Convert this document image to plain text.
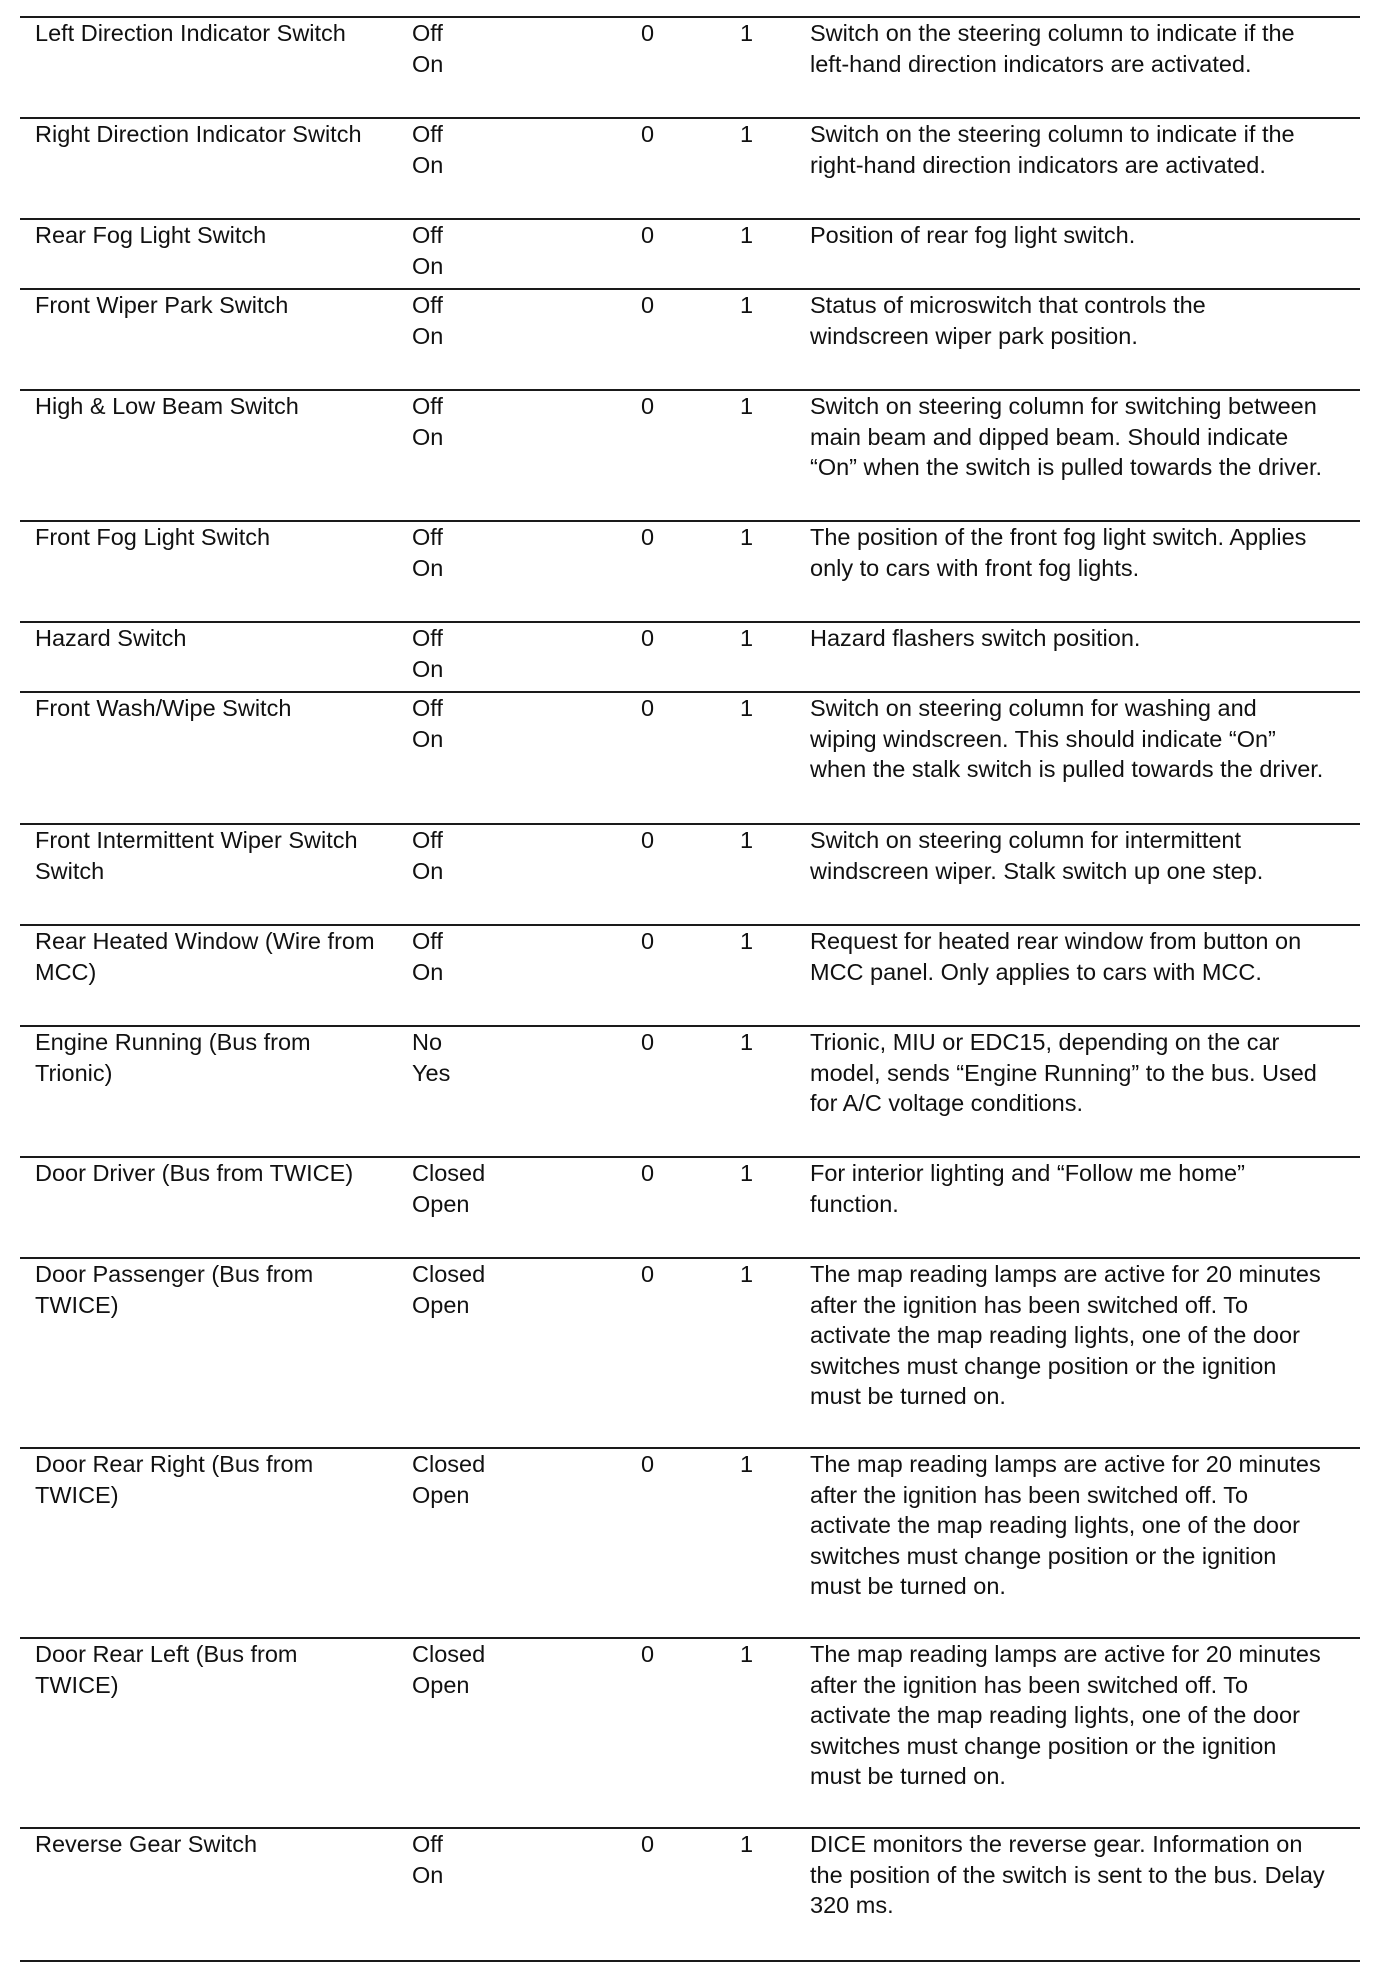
Left Direction Indicator Switch	Off
On
0	1 Switch on the steering column to indicate if the
left-hand direction indicators are activated.
Right Direction Indicator Switch Off
On
0	1 Switch on the steering column to indicate if the
right-hand direction indicators are activated.
Rear Fog Light Switch	Off
On
0	1 Position of rear fog light switch.
Front Wiper Park Switch	Off
On
0	1 Status of microswitch that controls the
windscreen wiper park position.
High & Low Beam Switch	Off
On
0	1 Switch on steering column for switching between
main beam and dipped beam. Should indicate
“On” when the switch is pulled towards the driver.
Front Fog Light Switch	Off
On
0	1 The position of the front fog light switch. Applies
only to cars with front fog lights.
Hazard Switch	Off
On
0	1 Hazard flashers switch position.
Front Wash/Wipe Switch	Off
On
0	1 Switch on steering column for washing and
wiping windscreen. This should indicate “On”
when the stalk switch is pulled towards the driver.
Front Intermittent Wiper Switch
Switch
Off
On
0	1 Switch on steering column for intermittent
windscreen wiper. Stalk switch up one step.
Rear Heated Window (Wire from
MCC)
Off
On
0	1 Request for heated rear window from button on
MCC panel. Only applies to cars with MCC.
Engine Running (Bus from
Trionic)
No
Yes
0	1 Trionic, MIU or EDC15, depending on the car
model, sends “Engine Running” to the bus. Used
for A/C voltage conditions.
Door Driver (Bus from TWICE)	Closed
Open
0	1 For interior lighting and “Follow me home”
function.
Door Passenger (Bus from
TWICE)
Closed
Open
0	1 The map reading lamps are active for 20 minutes
after the ignition has been switched off. To
activate the map reading lights, one of the door
switches must change position or the ignition
must be turned on.
Door Rear Right (Bus from
TWICE)
Closed
Open
0	1 The map reading lamps are active for 20 minutes
after the ignition has been switched off. To
activate the map reading lights, one of the door
switches must change position or the ignition
must be turned on.
Door Rear Left (Bus from
TWICE)
Closed
Open
0	1 The map reading lamps are active for 20 minutes
after the ignition has been switched off. To
activate the map reading lights, one of the door
switches must change position or the ignition
must be turned on.
Reverse Gear Switch	Off
On
0	1 DICE monitors the reverse gear. Information on
the position of the switch is sent to the bus. Delay
320 ms.
